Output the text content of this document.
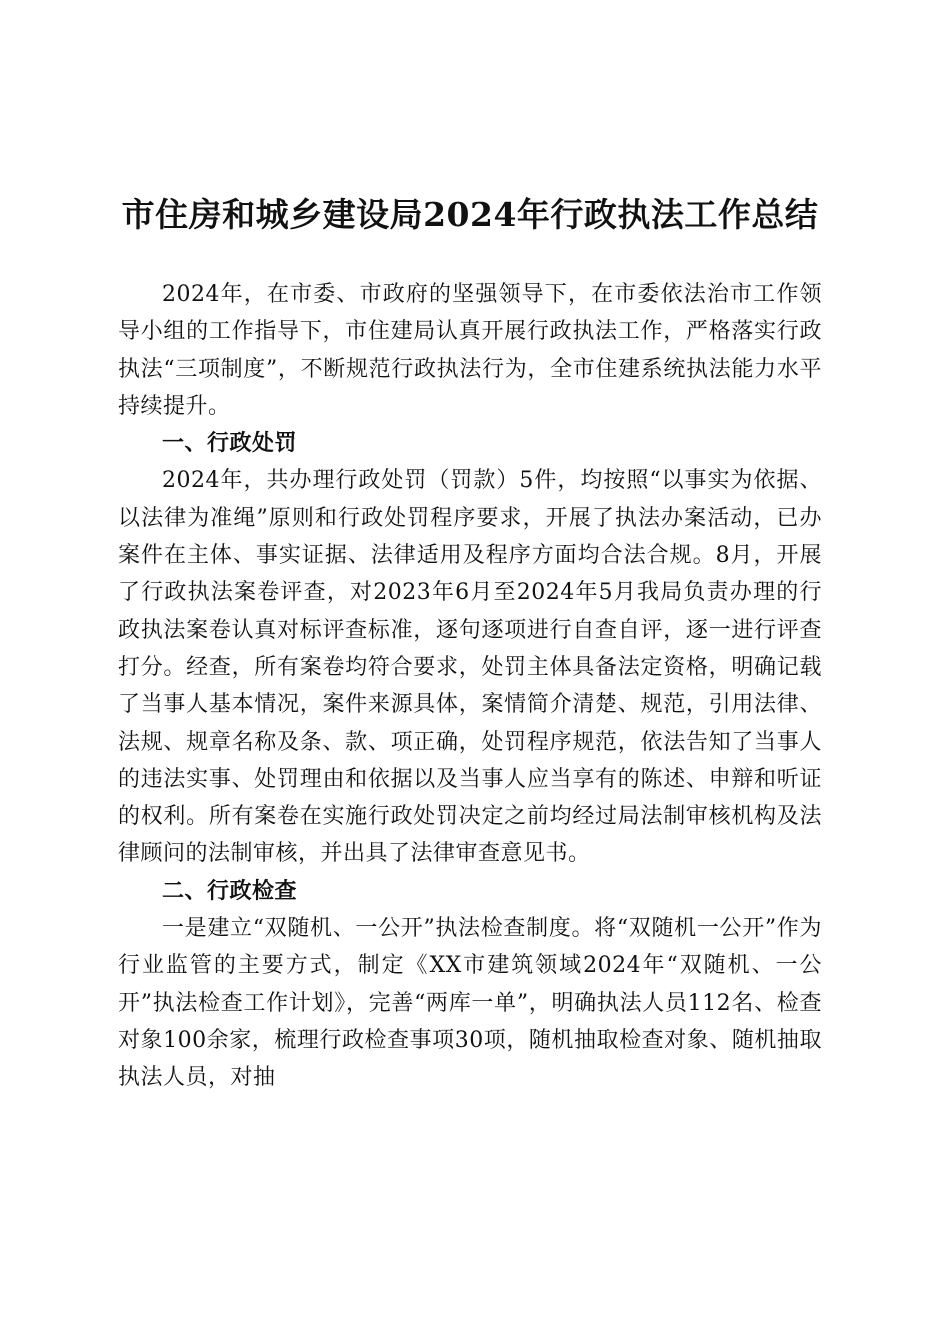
市住房和城乡建设局2024年行政执法工作总结

2024年，在市委、市政府的坚强领导下，在市委依法治市工作领导小组的工作指导下，市住建局认真开展行政执法工作，严格落实行政执法“三项制度”，不断规范行政执法行为，全市住建系统执法能力水平持续提升。

一、行政处罚

2024年，共办理行政处罚（罚款）5件，均按照“以事实为依据、以法律为准绳”原则和行政处罚程序要求，开展了执法办案活动，已办案件在主体、事实证据、法律适用及程序方面均合法合规。8月，开展了行政执法案卷评查，对2023年6月至2024年5月我局负责办理的行政执法案卷认真对标评查标准，逐句逐项进行自查自评，逐一进行评查打分。经查，所有案卷均符合要求，处罚主体具备法定资格，明确记载了当事人基本情况，案件来源具体，案情简介清楚、规范，引用法律、法规、规章名称及条、款、项正确，处罚程序规范，依法告知了当事人的违法实事、处罚理由和依据以及当事人应当享有的陈述、申辩和听证的权利。所有案卷在实施行政处罚决定之前均经过局法制审核机构及法律顾问的法制审核，并出具了法律审查意见书。

二、行政检查

一是建立“双随机、一公开”执法检查制度。将“双随机一公开”作为行业监管的主要方式，制定《XX市建筑领域2024年“双随机、一公开”执法检查工作计划》，完善“两库一单”，明确执法人员112名、检查对象100余家，梳理行政检查事项30项，随机抽取检查对象、随机抽取执法人员，对抽
